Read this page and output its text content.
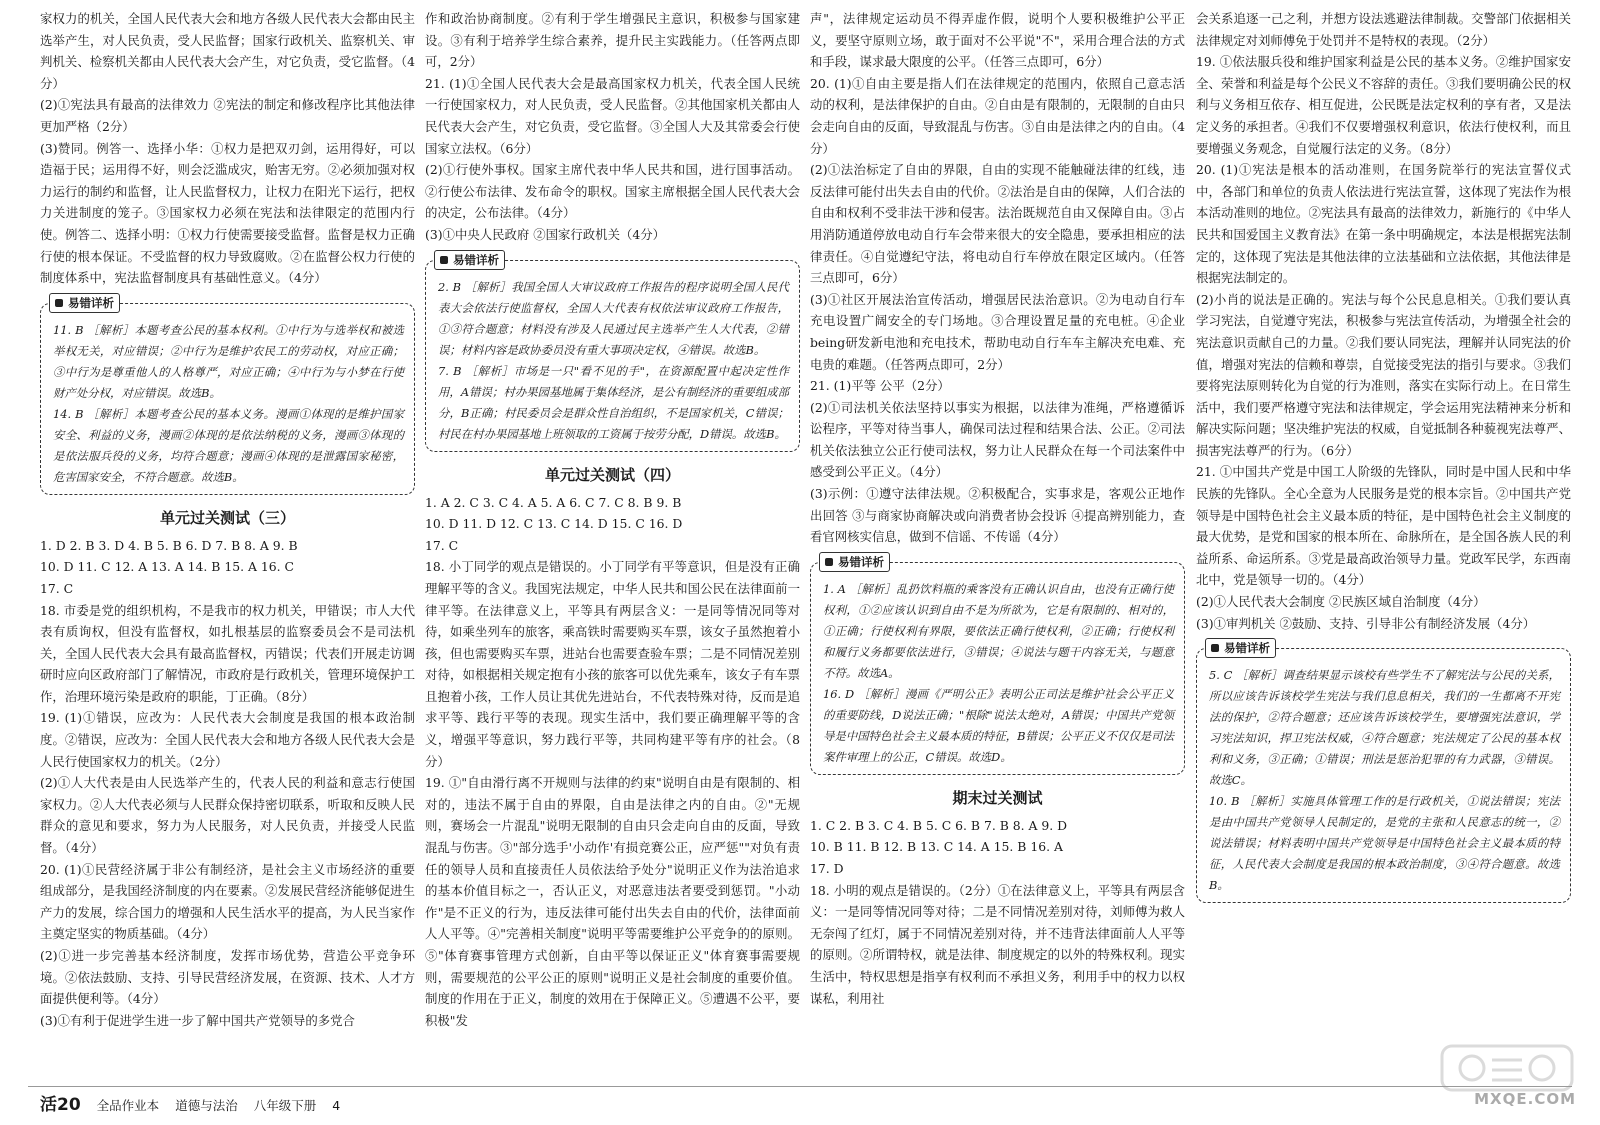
家权力的机关，全国人民代表大会和地方各级人民代表大会都由民主选举产生，对人民负责，受人民监督；国家行政机关、监察机关、审判机关、检察机关都由人民代表大会产生，对它负责，受它监督。（4分）

(2)①宪法具有最高的法律效力 ②宪法的制定和修改程序比其他法律更加严格（2分）

(3)赞同。例答一、选择小华：①权力是把双刃剑，运用得好，可以造福于民；运用得不好，则会泛滥成灾，贻害无穷。②必须加强对权力运行的制约和监督，让人民监督权力，让权力在阳光下运行，把权力关进制度的笼子。③国家权力必须在宪法和法律限定的范围内行使。例答二、选择小明：①权力行使需要接受监督。监督是权力正确行使的根本保证。不受监督的权力导致腐败。②在监督公权力行使的制度体系中，宪法监督制度具有基础性意义。（4分）

易错详析

11. B ［解析］本题考查公民的基本权利。①中行为与选举权和被选举权无关，对应错误；②中行为是维护农民工的劳动权，对应正确；③中行为是尊重他人的人格尊严，对应正确；④中行为与小梦在行使财产处分权，对应错误。故选B。

14. B ［解析］本题考查公民的基本义务。漫画①体现的是维护国家安全、利益的义务，漫画②体现的是依法纳税的义务，漫画③体现的是依法服兵役的义务，均符合题意；漫画④体现的是泄露国家秘密，危害国家安全，不符合题意。故选B。

单元过关测试（三）

1. D 2. B 3. D 4. B 5. B 6. D 7. B 8. A 9. B

10. D 11. C 12. A 13. A 14. B 15. A 16. C

17. C

18. 市委是党的组织机构，不是我市的权力机关，甲错误；市人大代表有质询权，但没有监督权，如扎根基层的监察委员会不是司法机关，全国人民代表大会具有最高监督权，丙错误；代表们开展走访调研时应向区政府部门了解情况，市政府是行政机关，管理环境保护工作，治理环境污染是政府的职能，丁正确。（8分）

19. (1)①错误，应改为：人民代表大会制度是我国的根本政治制度。②错误，应改为：全国人民代表大会和地方各级人民代表大会是人民行使国家权力的机关。（2分）

(2)①人大代表是由人民选举产生的，代表人民的利益和意志行使国家权力。②人大代表必须与人民群众保持密切联系，听取和反映人民群众的意见和要求，努力为人民服务，对人民负责，并接受人民监督。（4分）

20. (1)①民营经济属于非公有制经济，是社会主义市场经济的重要组成部分，是我国经济制度的内在要素。②发展民营经济能够促进生产力的发展，综合国力的增强和人民生活水平的提高，为人民当家作主奠定坚实的物质基础。（4分）

(2)①进一步完善基本经济制度，发挥市场优势，营造公平竞争环境。②依法鼓励、支持、引导民营经济发展，在资源、技术、人才方面提供便利等。（4分）

(3)①有利于促进学生进一步了解中国共产党领导的多党合

作和政治协商制度。②有利于学生增强民主意识，积极参与国家建设。③有利于培养学生综合素养，提升民主实践能力。（任答两点即可，2分）

21. (1)①全国人民代表大会是最高国家权力机关，代表全国人民统一行使国家权力，对人民负责，受人民监督。②其他国家机关都由人民代表大会产生，对它负责，受它监督。③全国人大及其常委会行使国家立法权。（6分）

(2)①行使外事权。国家主席代表中华人民共和国，进行国事活动。②行使公布法律、发布命令的职权。国家主席根据全国人民代表大会的决定，公布法律。（4分）

(3)①中央人民政府 ②国家行政机关（4分）

易错详析

2. B ［解析］我国全国人大审议政府工作报告的程序说明全国人民代表大会依法行使监督权，全国人大代表有权依法审议政府工作报告，①③符合题意；材料没有涉及人民通过民主选举产生人大代表，②错误；材料内容是政协委员没有重大事项决定权，④错误。故选B。

7. B ［解析］市场是一只"看不见的手"，在资源配置中起决定性作用，A错误；村办果园基地属于集体经济，是公有制经济的重要组成部分，B正确；村民委员会是群众性自治组织，不是国家机关，C错误；村民在村办果园基地上班领取的工资属于按劳分配，D错误。故选B。

单元过关测试（四）

1. A 2. C 3. C 4. A 5. A 6. C 7. C 8. B 9. B

10. D 11. D 12. C 13. C 14. D 15. C 16. D

17. C

18. 小丁同学的观点是错误的。小丁同学有平等意识，但是没有正确理解平等的含义。我国宪法规定，中华人民共和国公民在法律面前一律平等。在法律意义上，平等具有两层含义：一是同等情况同等对待，如乘坐列车的旅客，乘高铁时需要购买车票，该女子虽然抱着小孩，但也需要购买车票，进站台也需要查验车票；二是不同情况差别对待，如根据相关规定抱有小孩的旅客可以优先乘车，该女子有车票且抱着小孩，工作人员让其优先进站台，不代表特殊对待，反而是追求平等、践行平等的表现。现实生活中，我们要正确理解平等的含义，增强平等意识，努力践行平等，共同构建平等有序的社会。（8分）

19. ①"自由滑行离不开规则与法律的约束"说明自由是有限制的、相对的，违法不属于自由的界限，自由是法律之内的自由。②"无规则，赛场会一片混乱"说明无限制的自由只会走向自由的反面，导致混乱与伤害。③"部分选手'小动作'有损竞赛公正，应严惩""对负有责任的领导人员和直接责任人员依法给予处分"说明正义作为法治追求的基本价值目标之一，否认正义，对恶意违法者要受到惩罚。"小动作"是不正义的行为，违反法律可能付出失去自由的代价，法律面前人人平等。④"完善相关制度"说明平等需要维护公平竞争的的原则。⑤"体育赛事管理方式创新，自由平等以保证正义"体育赛事需要规则，需要规范的公平公正的原则"说明正义是社会制度的重要价值。制度的作用在于正义，制度的效用在于保障正义。⑤遭遇不公平，要积极"发

声"，法律规定运动员不得弄虚作假，说明个人要积极维护公平正义，要坚守原则立场，敢于面对不公平说"不"，采用合理合法的方式和手段，谋求最大限度的公平。（任答三点即可，6分）

20. (1)①自由主要是指人们在法律规定的范围内，依照自己意志活动的权利，是法律保护的自由。②自由是有限制的，无限制的自由只会走向自由的反面，导致混乱与伤害。③自由是法律之内的自由。（4分）

(2)①法治标定了自由的界限，自由的实现不能触碰法律的红线，违反法律可能付出失去自由的代价。②法治是自由的保障，人们合法的自由和权利不受非法干涉和侵害。法治既规范自由又保障自由。③占用消防通道停放电动自行车会带来很大的安全隐患，要承担相应的法律责任。④自觉遵纪守法，将电动自行车停放在限定区域内。（任答三点即可，6分）

(3)①社区开展法治宣传活动，增强居民法治意识。②为电动自行车充电设置广阔安全的专门场地。③合理设置足量的充电桩。④企业being研发新电池和充电技术，帮助电动自行车车主解决充电难、充电贵的难题。（任答两点即可，2分）

21. (1)平等 公平（2分）

(2)①司法机关依法坚持以事实为根据，以法律为准绳，严格遵循诉讼程序，平等对待当事人，确保司法过程和结果合法、公正。②司法机关依法独立公正行使司法权，努力让人民群众在每一个司法案件中感受到公平正义。（4分）

(3)示例：①遵守法律法规。②积极配合，实事求是，客观公正地作出回答 ③与商家协商解决或向消费者协会投诉 ④提高辨别能力，查看官网核实信息，做到不信谣、不传谣（4分）

易错详析

1. A ［解析］乱扔饮料瓶的乘客没有正确认识自由，也没有正确行使权利，①②应该认识到自由不是为所欲为，它是有限制的、相对的，①正确；行使权利有界限，要依法正确行使权利，②正确；行使权利和履行义务都要依法进行，③错误；④说法与题干内容无关，与题意不符。故选A。

16. D ［解析］漫画《严明公正》表明公正司法是维护社会公平正义的重要防线，D说法正确；"根除"说法太绝对，A错误；中国共产党领导是中国特色社会主义最本质的特征，B错误；公平正义不仅仅是司法案件审理上的公正，C错误。故选D。

期末过关测试

1. C 2. B 3. C 4. B 5. C 6. B 7. B 8. A 9. D

10. B 11. B 12. B 13. C 14. A 15. B 16. A

17. D

18. 小明的观点是错误的。（2分）①在法律意义上，平等具有两层含义：一是同等情况同等对待；二是不同情况差别对待，刘师傅为救人无奈闯了红灯，属于不同情况差别对待，并不违背法律面前人人平等的原则。②所谓特权，就是法律、制度规定的以外的特殊权利。现实生活中，特权思想是指享有权利而不承担义务，利用手中的权力以权谋私，利用社

会关系追逐一己之利，并想方设法逃避法律制裁。交警部门依据相关法律规定对刘师傅免于处罚并不是特权的表现。（2分）

19. ①依法服兵役和维护国家利益是公民的基本义务。②维护国家安全、荣誉和利益是每个公民义不容辞的责任。③我们要明确公民的权利与义务相互依存、相互促进，公民既是法定权利的享有者，又是法定义务的承担者。④我们不仅要增强权利意识，依法行使权利，而且要增强义务观念，自觉履行法定的义务。（8分）

20. (1)①宪法是根本的活动准则，在国务院举行的宪法宣誓仪式中，各部门和单位的负责人依法进行宪法宣誓，这体现了宪法作为根本活动准则的地位。②宪法具有最高的法律效力，新施行的《中华人民共和国爱国主义教育法》在第一条中明确规定，本法是根据宪法制定的，这体现了宪法是其他法律的立法基础和立法依据，其他法律是根据宪法制定的。

(2)小肖的说法是正确的。宪法与每个公民息息相关。①我们要认真学习宪法，自觉遵守宪法，积极参与宪法宣传活动，为增强全社会的宪法意识贡献自己的力量。②我们要认同宪法，理解并认同宪法的价值，增强对宪法的信赖和尊崇，自觉接受宪法的指引与要求。③我们要将宪法原则转化为自觉的行为准则，落实在实际行动上。在日常生活中，我们要严格遵守宪法和法律规定，学会运用宪法精神来分析和解决实际问题；坚决维护宪法的权威，自觉抵制各种藐视宪法尊严、损害宪法尊严的行为。（6分）

21. ①中国共产党是中国工人阶级的先锋队，同时是中国人民和中华民族的先锋队。全心全意为人民服务是党的根本宗旨。②中国共产党领导是中国特色社会主义最本质的特征，是中国特色社会主义制度的最大优势，是党和国家的根本所在、命脉所在，是全国各族人民的利益所系、命运所系。③党是最高政治领导力量。党政军民学，东西南北中，党是领导一切的。（4分）

(2)①人民代表大会制度 ②民族区域自治制度（4分）

(3)①审判机关 ②鼓励、支持、引导非公有制经济发展（4分）

易错详析

5. C ［解析］调查结果显示该校有些学生不了解宪法与公民的关系，所以应该告诉该校学生宪法与我们息息相关，我们的一生都离不开宪法的保护，②符合题意；还应该告诉该校学生，要增强宪法意识，学习宪法知识，捍卫宪法权威，④符合题意；宪法规定了公民的基本权利和义务，③正确；①错误；刑法是惩治犯罪的有力武器，③错误。故选C。

10. B ［解析］实施具体管理工作的是行政机关，①说法错误；宪法是由中国共产党领导人民制定的，是党的主张和人民意志的统一，②说法错误；材料表明中国共产党领导是中国特色社会主义最本质的特征，人民代表大会制度是我国的根本政治制度，③④符合题意。故选B。

活20 全品作业本 道德与法治 八年级下册 4	MXQE.COM
